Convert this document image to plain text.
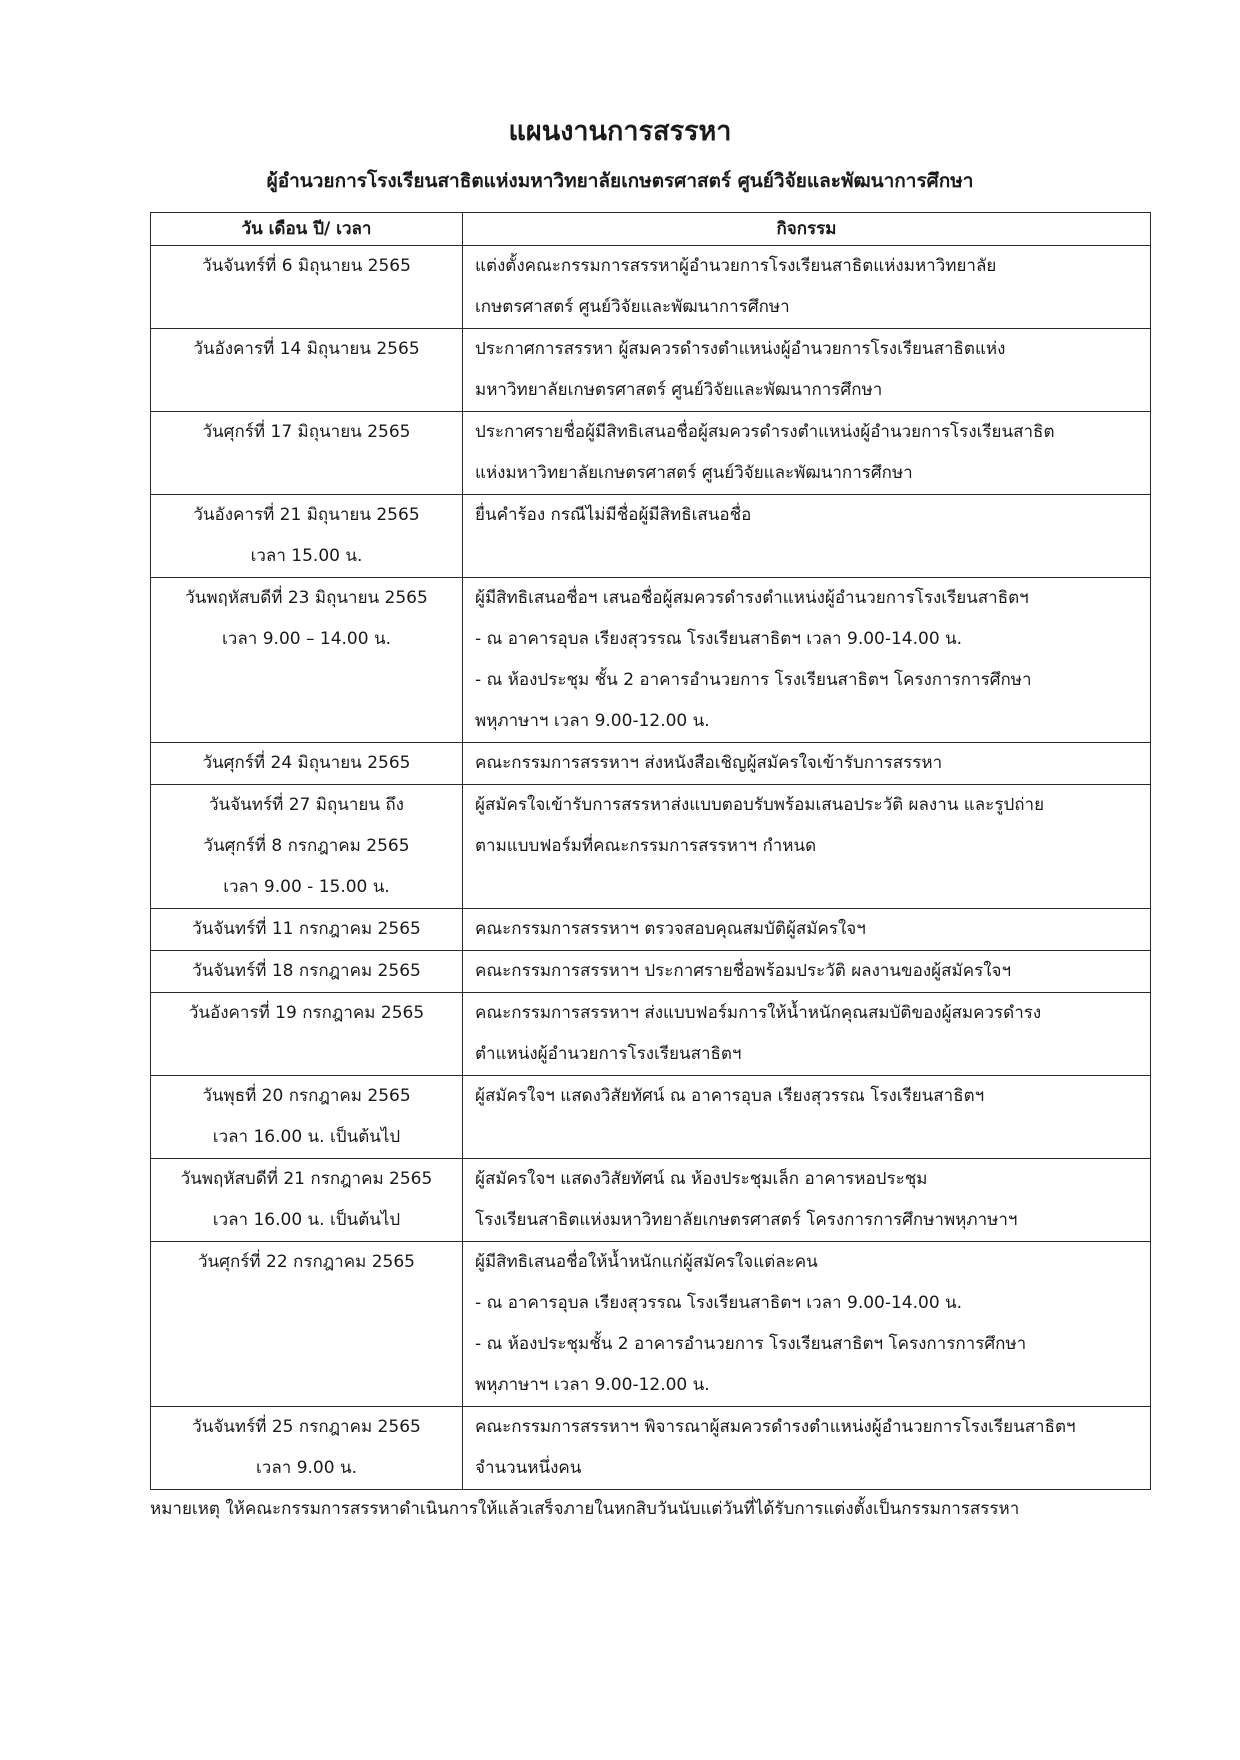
แผนงานการสรรหา
ผู้อำนวยการโรงเรียนสาธิตแห่งมหาวิทยาลัยเกษตรศาสตร์ ศูนย์วิจัยและพัฒนาการศึกษา
วัน เดือน ปี/ เวลา	กิจกรรม

วันจันทร์ที่ 6 มิถุนายน 2565	แต่งตั้งคณะกรรมการสรรหาผู้อำนวยการโรงเรียนสาธิตแห่งมหาวิทยาลัย
เกษตรศาสตร์ ศูนย์วิจัยและพัฒนาการศึกษา

วันอังคารที่ 14 มิถุนายน 2565	ประกาศการสรรหา ผู้สมควรดำรงตำแหน่งผู้อำนวยการโรงเรียนสาธิตแห่ง
มหาวิทยาลัยเกษตรศาสตร์ ศูนย์วิจัยและพัฒนาการศึกษา

วันศุกร์ที่ 17 มิถุนายน 2565	ประกาศรายชื่อผู้มีสิทธิเสนอชื่อผู้สมควรดำรงตำแหน่งผู้อำนวยการโรงเรียนสาธิต
แห่งมหาวิทยาลัยเกษตรศาสตร์ ศูนย์วิจัยและพัฒนาการศึกษา

วันอังคารที่ 21 มิถุนายน 2565
เวลา 15.00 น.	ยื่นคำร้อง กรณีไม่มีชื่อผู้มีสิทธิเสนอชื่อ

วันพฤหัสบดีที่ 23 มิถุนายน 2565
เวลา 9.00 – 14.00 น.	ผู้มีสิทธิเสนอชื่อฯ เสนอชื่อผู้สมควรดำรงตำแหน่งผู้อำนวยการโรงเรียนสาธิตฯ
- ณ อาคารอุบล เรียงสุวรรณ โรงเรียนสาธิตฯ เวลา 9.00-14.00 น.
- ณ ห้องประชุม ชั้น 2 อาคารอำนวยการ โรงเรียนสาธิตฯ โครงการการศึกษา
พหุภาษาฯ เวลา 9.00-12.00 น.

วันศุกร์ที่ 24 มิถุนายน 2565	คณะกรรมการสรรหาฯ ส่งหนังสือเชิญผู้สมัครใจเข้ารับการสรรหา

วันจันทร์ที่ 27 มิถุนายน ถึง
วันศุกร์ที่ 8 กรกฎาคม 2565
เวลา 9.00 - 15.00 น.	ผู้สมัครใจเข้ารับการสรรหาส่งแบบตอบรับพร้อมเสนอประวัติ ผลงาน และรูปถ่าย
ตามแบบฟอร์มที่คณะกรรมการสรรหาฯ กำหนด

วันจันทร์ที่ 11 กรกฎาคม 2565	คณะกรรมการสรรหาฯ ตรวจสอบคุณสมบัติผู้สมัครใจฯ

วันจันทร์ที่ 18 กรกฎาคม 2565	คณะกรรมการสรรหาฯ ประกาศรายชื่อพร้อมประวัติ ผลงานของผู้สมัครใจฯ

วันอังคารที่ 19 กรกฎาคม 2565	คณะกรรมการสรรหาฯ ส่งแบบฟอร์มการให้น้ำหนักคุณสมบัติของผู้สมควรดำรง
ตำแหน่งผู้อำนวยการโรงเรียนสาธิตฯ

วันพุธที่ 20 กรกฎาคม 2565
เวลา 16.00 น. เป็นต้นไป	ผู้สมัครใจฯ แสดงวิสัยทัศน์ ณ อาคารอุบล เรียงสุวรรณ โรงเรียนสาธิตฯ

วันพฤหัสบดีที่ 21 กรกฎาคม 2565
เวลา 16.00 น. เป็นต้นไป	ผู้สมัครใจฯ แสดงวิสัยทัศน์ ณ ห้องประชุมเล็ก อาคารหอประชุม
โรงเรียนสาธิตแห่งมหาวิทยาลัยเกษตรศาสตร์ โครงการการศึกษาพหุภาษาฯ

วันศุกร์ที่ 22 กรกฎาคม 2565	ผู้มีสิทธิเสนอชื่อให้น้ำหนักแก่ผู้สมัครใจแต่ละคน
- ณ อาคารอุบล เรียงสุวรรณ โรงเรียนสาธิตฯ เวลา 9.00-14.00 น.
- ณ ห้องประชุมชั้น 2 อาคารอำนวยการ โรงเรียนสาธิตฯ โครงการการศึกษา
พหุภาษาฯ เวลา 9.00-12.00 น.

วันจันทร์ที่ 25 กรกฎาคม 2565
เวลา 9.00 น.	คณะกรรมการสรรหาฯ พิจารณาผู้สมควรดำรงตำแหน่งผู้อำนวยการโรงเรียนสาธิตฯ
จำนวนหนึ่งคน
หมายเหตุ ให้คณะกรรมการสรรหาดำเนินการให้แล้วเสร็จภายในหกสิบวันนับแต่วันที่ได้รับการแต่งตั้งเป็นกรรมการสรรหา
